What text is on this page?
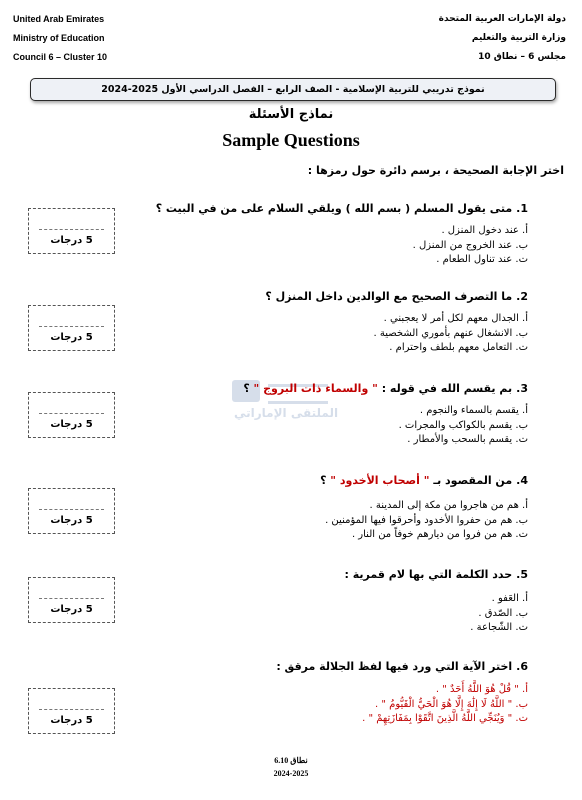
United Arab Emirates
Ministry of Education
Council 6 – Cluster 10
دولة الإمارات العربية المتحدة
وزارة التربية والتعليم
مجلس 6 – نطاق 10
نموذج تدريبي للتربية الإسلامية - الصف الرابع – الفصل الدراسي الأول 2025-2024
نماذج الأسئلة
Sample Questions
اختر الإجابة الصحيحة ، برسم دائرة حول رمزها :
1.متى يقول المسلم ( بسم الله ) ويلقي السلام على من في البيت ؟
أ. عند دخول المنزل .
ب. عند الخروج من المنزل .
ت. عند تناول الطعام .
5 درجات
2.ما التصرف الصحيح مع الوالدين داخل المنزل ؟
أ. الجدال معهم لكل أمر لا يعجبني .
ب. الانشغال عنهم بأموري الشخصية .
ت. التعامل معهم بلطف واحترام .
5 درجات
الملتقى الإماراتي
3.بم يقسم الله في قوله : " والسماء ذات البروج " ؟
أ. يقسم بالسماء والنجوم .
ب. يقسم بالكواكب والمجرات .
ت. يقسم بالسحب والأمطار .
5 درجات
4.من المقصود بـ " أصحاب الأخدود " ؟
أ. هم من هاجروا من مكة إلى المدينة .
ب. هم من حفروا الأخدود وأحرقوا فيها المؤمنين .
ت. هم من فروا من ديارهم خوفاً من النار .
5 درجات
5.حدد الكلمة التي بها لام قمرية :
أ. العَفو .
ب. الصّدق .
ت. الشّجاعة .
5 درجات
6.اختر الآية التي ورد فيها لفظ الجلالة مرقق :
أ. " قُلْ هُوَ اللَّهُ أَحَدٌ " .
ب. " اللَّهُ لَا إِلَٰهَ إِلَّا هُوَ الْحَيُّ الْقَيُّومُ " .
ت. " وَيُنَجِّي اللَّهُ الَّذِينَ اتَّقَوْا بِمَفَازَتِهِمْ " .
5 درجات
نطاق 6.10
2024-2025
